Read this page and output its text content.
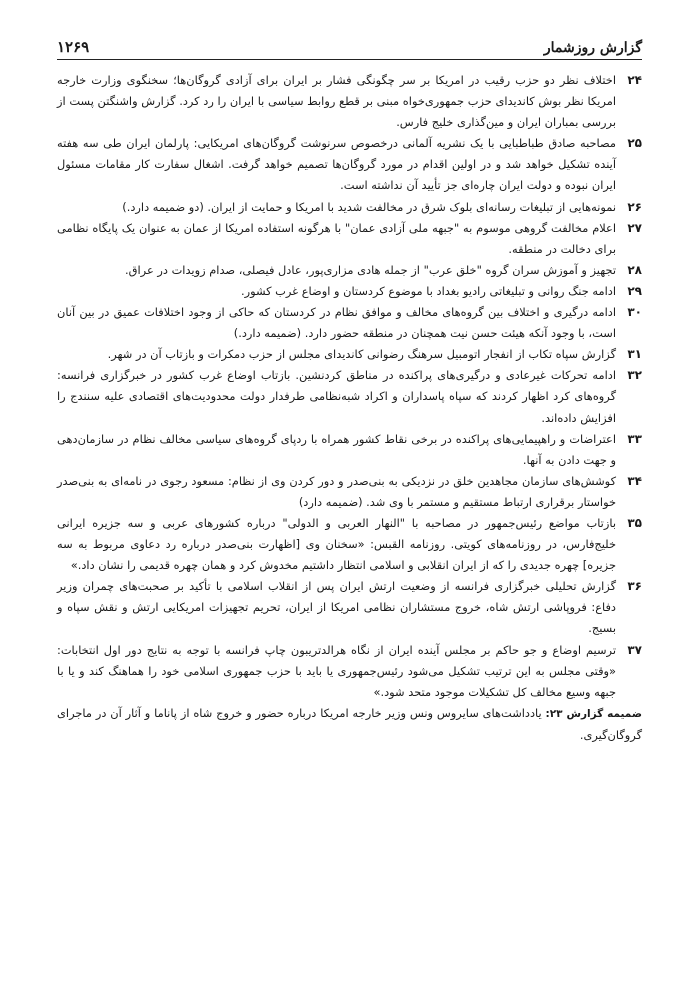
گزارش روزشمار
۱۲۶۹
۲۴
اختلاف نظر دو حزب رقیب در امریکا بر سر چگونگی فشار بر ایران برای آزادی گروگان‌ها؛ سخنگوی وزارت خارجه امریکا نظر بوش کاندیدای حزب جمهوری‌خواه مبنی بر قطع روابط سیاسی با ایران را رد کرد. گزارش واشنگتن پست از بررسی بمباران ایران و مین‌گذاری خلیج فارس.
۲۵
مصاحبه صادق طباطبایی با یک نشریه آلمانی درخصوص سرنوشت گروگان‌های امریکایی: پارلمان ایران طی سه هفته آینده تشکیل خواهد شد و در اولین اقدام در مورد گروگان‌ها تصمیم خواهد گرفت. اشغال سفارت کار مقامات مسئول ایران نبوده و دولت ایران چاره‌ای جز تأیید آن نداشته است.
۲۶
نمونه‌هایی از تبلیغات رسانه‌ای بلوک شرق در مخالفت شدید با امریکا و حمایت از ایران. (دو ضمیمه دارد.)
۲۷
اعلام مخالفت گروهی موسوم به "جبهه ملی آزادی عمان" با هرگونه استفاده امریکا از عمان به عنوان یک پایگاه نظامی برای دخالت در منطقه.
۲۸
تجهیز و آموزش سران گروه "خلق عرب" از جمله هادی مزاری‌پور، عادل فیصلی، صدام زویدات در عراق.
۲۹
ادامه جنگ روانی و تبلیغاتی رادیو بغداد با موضوع کردستان و اوضاع غرب کشور.
۳۰
ادامه درگیری و اختلاف بین گروه‌های مخالف و موافق نظام در کردستان که حاکی از وجود اختلافات عمیق در بین آنان است، با وجود آنکه هیئت حسن نیت همچنان در منطقه حضور دارد. (ضمیمه دارد.)
۳۱
گزارش سپاه تکاب از انفجار اتومبیل سرهنگ رضوانی کاندیدای مجلس از حزب دمکرات و بازتاب آن در شهر.
۳۲
ادامه تحرکات غیرعادی و درگیری‌های پراکنده در مناطق کردنشین. بازتاب اوضاع غرب کشور در خبرگزاری فرانسه: گروه‌های کرد اظهار کردند که سپاه پاسداران و اکراد شبه‌نظامی طرفدار دولت محدودیت‌های اقتصادی علیه سنندج را افزایش داده‌اند.
۳۳
اعتراضات و راهپیمایی‌های پراکنده در برخی نقاط کشور همراه با ردپای گروه‌های سیاسی مخالف نظام در سازمان‌دهی و جهت دادن به آنها.
۳۴
کوشش‌های سازمان مجاهدین خلق در نزدیکی به بنی‌صدر و دور کردن وی از نظام: مسعود رجوی در نامه‌ای به بنی‌صدر خواستار برقراری ارتباط مستقیم و مستمر با وی شد. (ضمیمه دارد)
۳۵
بازتاب مواضع رئیس‌جمهور در مصاحبه با "النهار العربی و الدولی" درباره کشورهای عربی و سه جزیره ایرانی خلیج‌فارس، در روزنامه‌های کویتی. روزنامه القبس: «سخنان وی [اظهارت بنی‌صدر درباره رد دعاوی مربوط به سه جزیره] چهره جدیدی را که از ایران انقلابی و اسلامی انتظار داشتیم مخدوش کرد و همان چهره قدیمی را نشان داد.»
۳۶
گزارش تحلیلی خبرگزاری فرانسه از وضعیت ارتش ایران پس از انقلاب اسلامی با تأکید بر صحبت‌های چمران وزیر دفاع: فروپاشی ارتش شاه، خروج مستشاران نظامی امریکا از ایران، تحریم تجهیزات امریکایی ارتش و نقش سپاه و بسیج.
۳۷
ترسیم اوضاع و جو حاکم بر مجلس آینده ایران از نگاه هرالدتریبون چاپ فرانسه با توجه به نتایج دور اول انتخابات: «وقتی مجلس به این ترتیب تشکیل می‌شود رئیس‌جمهوری یا باید با حزب جمهوری اسلامی خود را هماهنگ کند و یا با جبهه وسیع مخالف کل تشکیلات موجود متحد شود.»
ضمیمه گزارش ۲۳: یادداشت‌های سایروس ونس وزیر خارجه امریکا درباره حضور و خروج شاه از پاناما و آثار آن در ماجرای گروگان‌گیری.
